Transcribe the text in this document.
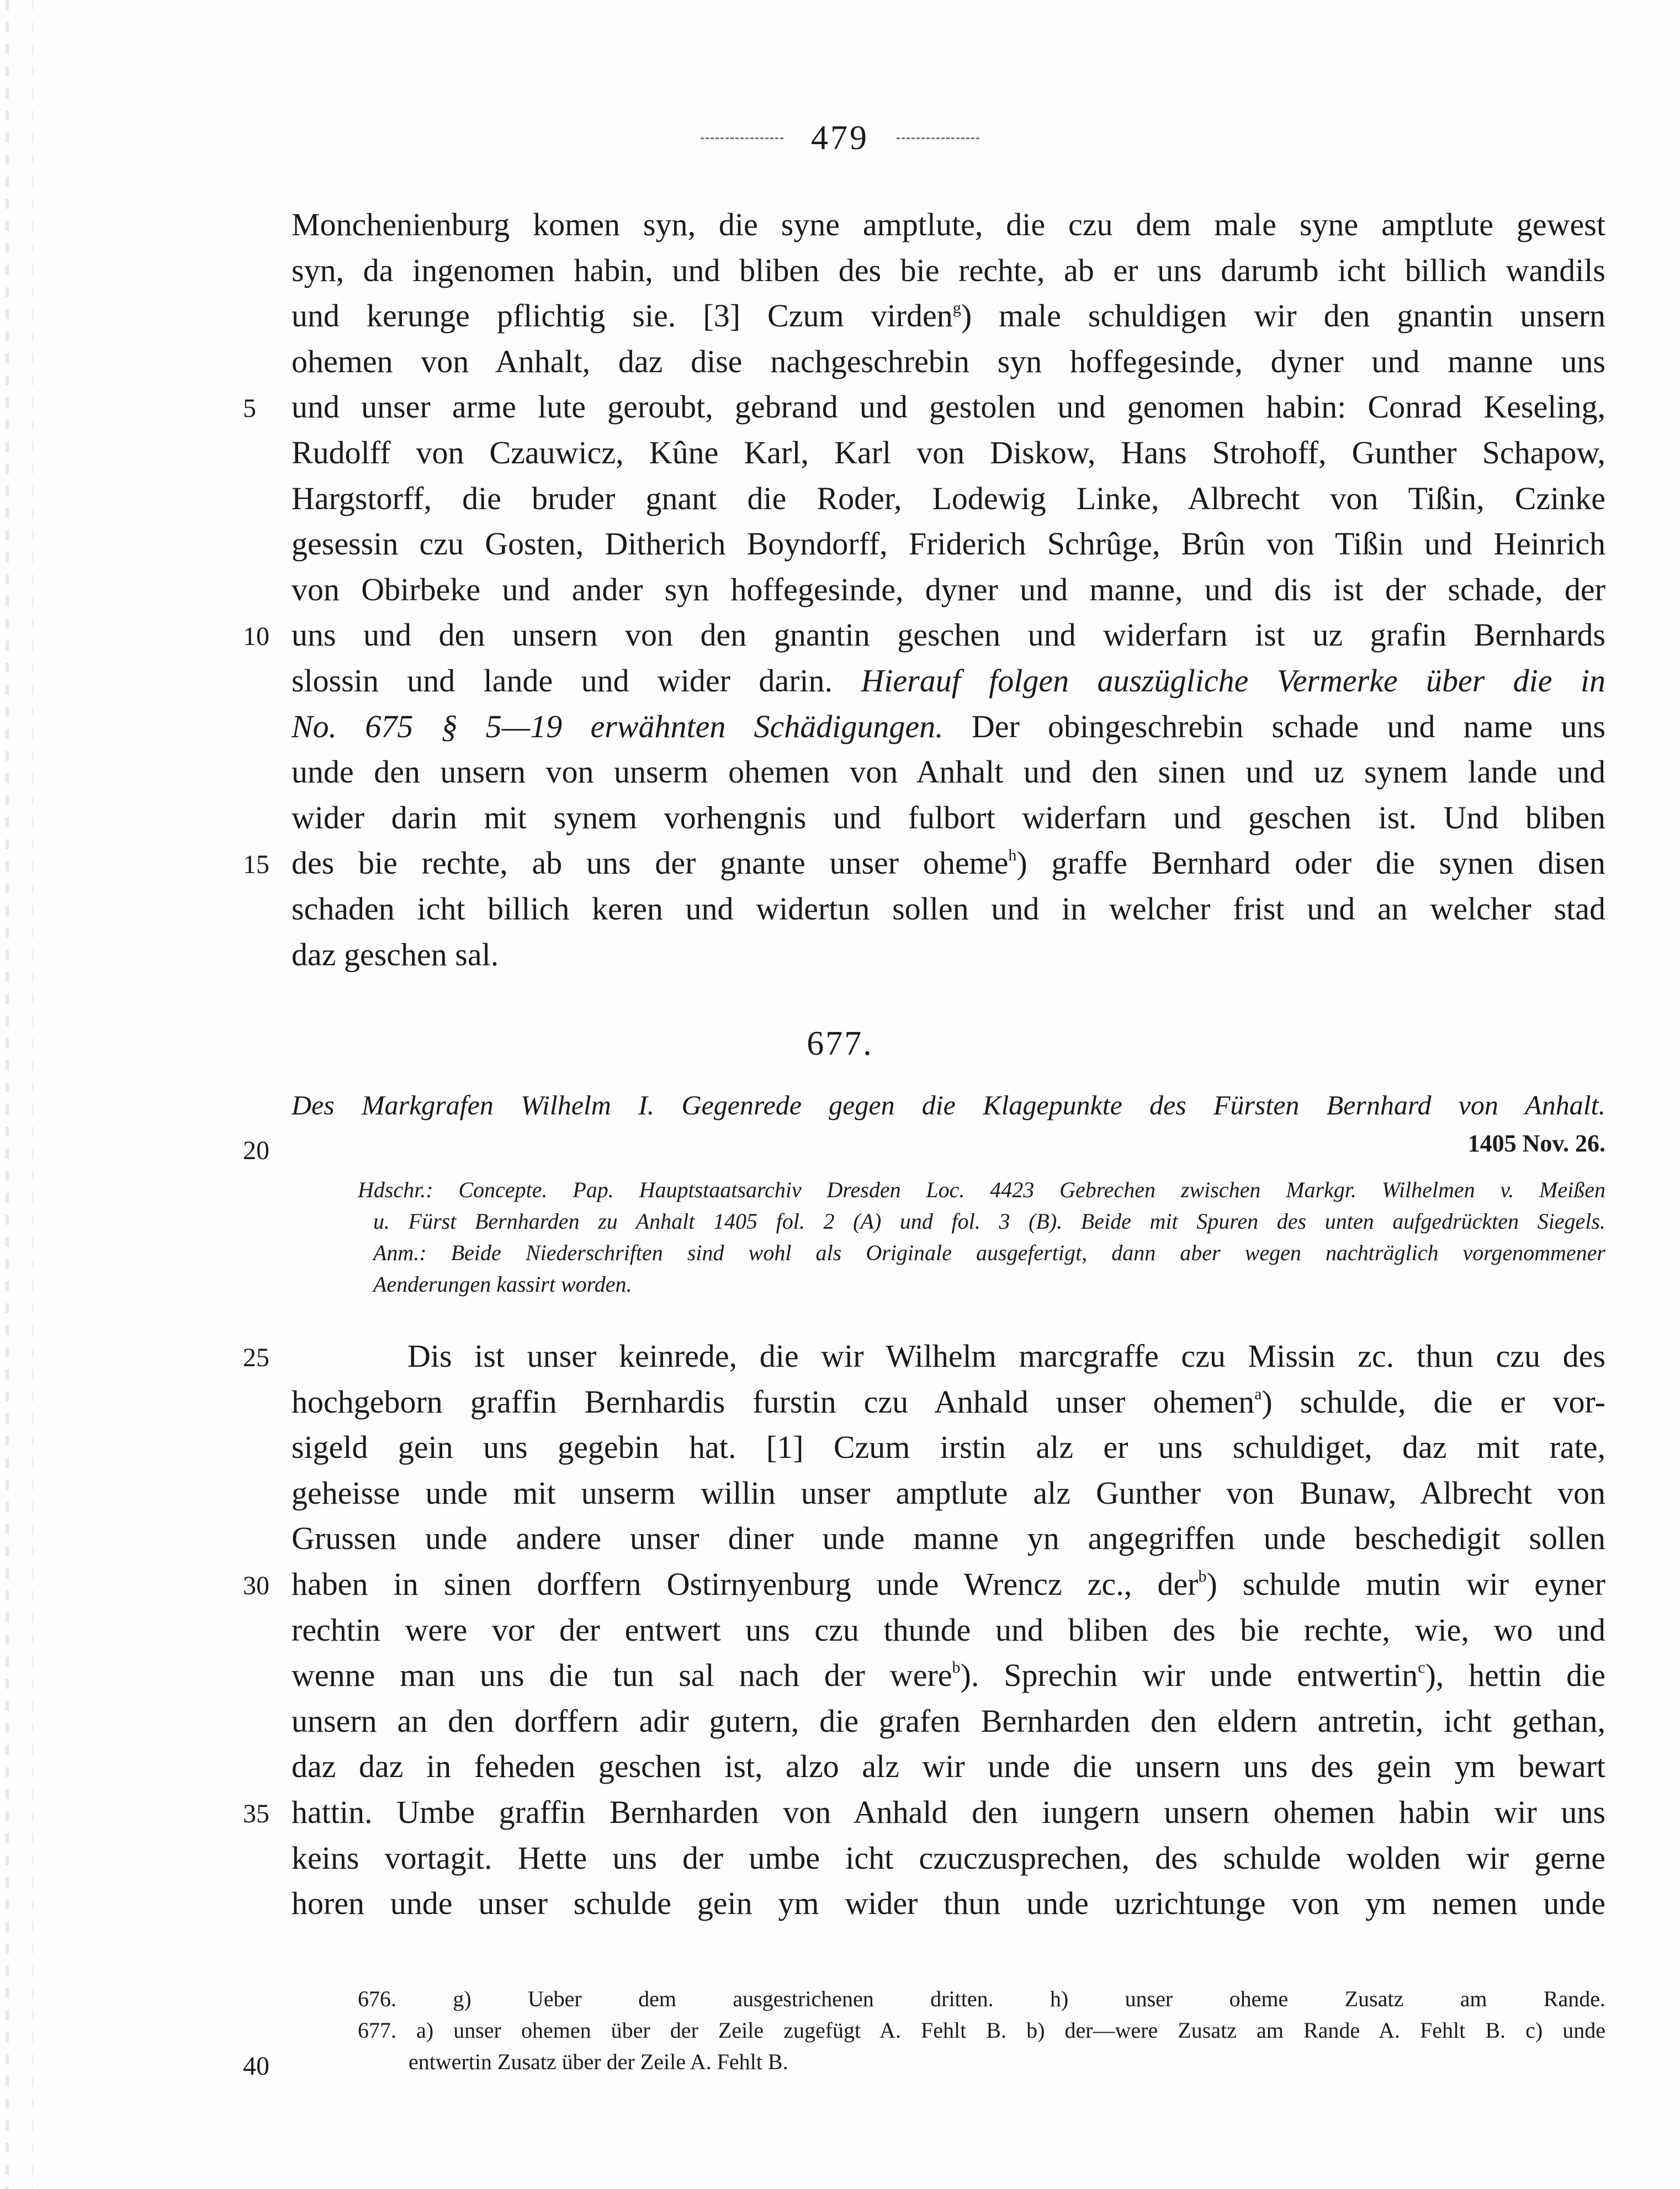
479
Monchenienburg komen syn, die syne amptlute, die czu dem male syne amptlute gewest
syn, da ingenomen habin, und bliben des bie rechte, ab er uns darumb icht billich wandils
und kerunge pflichtig sie. [3] Czum virden$^g$) male schuldigen wir den gnantin unsern
ohemen von Anhalt, daz dise nachgeschrebin syn hoffegesinde, dyner und manne uns
und unser arme lute geroubt, gebrand und gestolen und genomen habin: Conrad Keseling,
5
Rudolff von Czauwicz, Kûne Karl, Karl von Diskow, Hans Strohoff, Gunther Schapow,
Hargstorff, die bruder gnant die Roder, Lodewig Linke, Albrecht von Tißin, Czinke
gesessin czu Gosten, Ditherich Boyndorff, Friderich Schrûge, Brûn von Tißin und Heinrich
von Obirbeke und ander syn hoffegesinde, dyner und manne, und dis ist der schade, der
uns und den unsern von den gnantin geschen und widerfarn ist uz grafin Bernhards
10
slossin und lande und wider darin. Hierauf folgen auszügliche Vermerke über die in
No. 675 § 5—19 erwähnten Schädigungen. Der obingeschrebin schade und name uns
unde den unsern von unserm ohemen von Anhalt und den sinen und uz synem lande und
wider darin mit synem vorhengnis und fulbort widerfarn und geschen ist. Und bliben
des bie rechte, ab uns der gnante unser oheme$^h$) graffe Bernhard oder die synen disen
15
schaden icht billich keren und widertun sollen und in welcher frist und an welcher stad
daz geschen sal.
677.
Des Markgrafen Wilhelm I. Gegenrede gegen die Klagepunkte des Fürsten Bernhard von Anhalt.
20	1405 Nov. 26.
Hdschr.: Concepte. Pap. Hauptstaatsarchiv Dresden Loc. 4423 Gebrechen zwischen Markgr. Wilhelmen v. Meißen
u. Fürst Bernharden zu Anhalt 1405 fol. 2 (A) und fol. 3 (B). Beide mit Spuren des unten aufgedrückten Siegels.
Anm.: Beide Niederschriften sind wohl als Originale ausgefertigt, dann aber wegen nachträglich vorgenommener
Aenderungen kassirt worden.
Dis ist unser keinrede, die wir Wilhelm marcgraffe czu Missin zc. thun czu des
25
hochgeborn graffin Bernhardis furstin czu Anhald unser ohemen$^a$) schulde, die er vor-
sigeld gein uns gegebin hat. [1] Czum irstin alz er uns schuldiget, daz mit rate,
geheisse unde mit unserm willin unser amptlute alz Gunther von Bunaw, Albrecht von
Grussen unde andere unser diner unde manne yn angegriffen unde beschedigit sollen
haben in sinen dorffern Ostirnyenburg unde Wrencz zc., der$^b$) schulde mutin wir eyner
30
rechtin were vor der entwert uns czu thunde und bliben des bie rechte, wie, wo und
wenne man uns die tun sal nach der were$^b$). Sprechin wir unde entwertin$^c$), hettin die
unsern an den dorffern adir gutern, die grafen Bernharden den eldern antretin, icht gethan,
daz daz in feheden geschen ist, alzo alz wir unde die unsern uns des gein ym bewart
hattin. Umbe graffin Bernharden von Anhald den iungern unsern ohemen habin wir uns
35
keins vortagit. Hette uns der umbe icht czuczusprechen, des schulde wolden wir gerne
horen unde unser schulde gein ym wider thun unde uzrichtunge von ym nemen unde
676. g) Ueber dem ausgestrichenen dritten. h) unser oheme Zusatz am Rande.
677. a) unser ohemen über der Zeile zugefügt A. Fehlt B. b) der—were Zusatz am Rande A. Fehlt B. c) unde
entwertin Zusatz über der Zeile A. Fehlt B.
40
